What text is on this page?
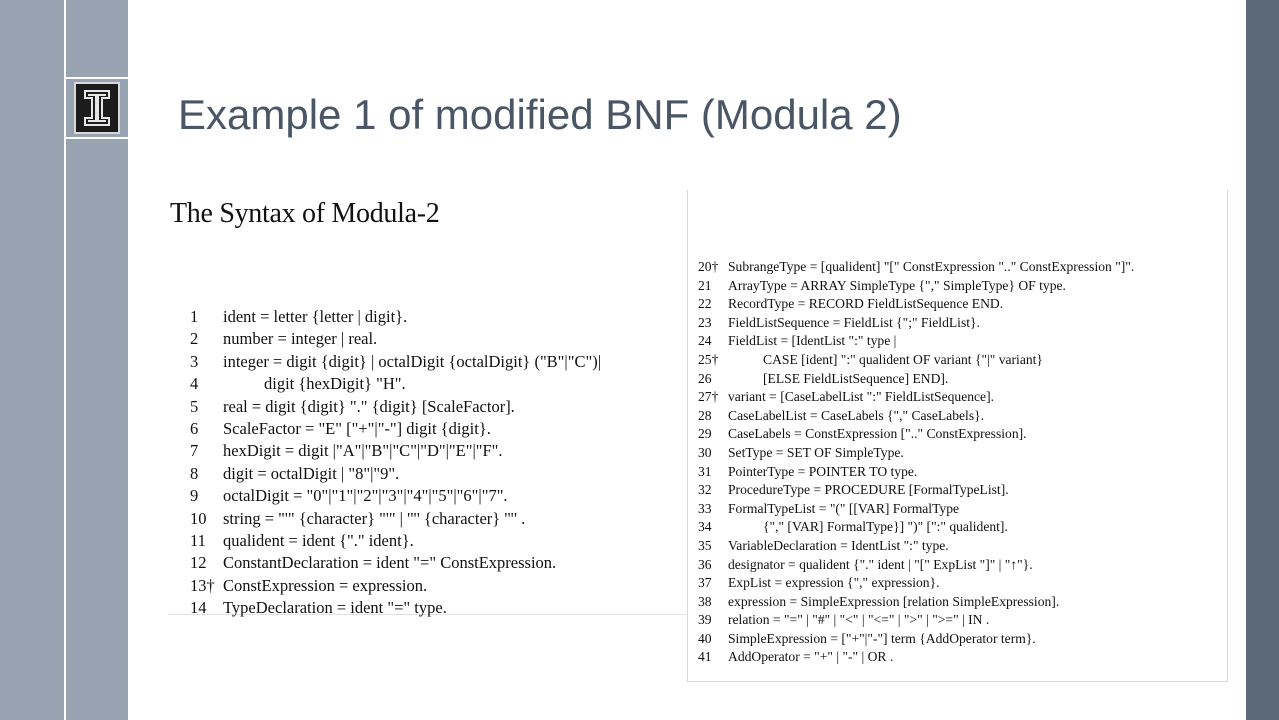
Example 1 of modified BNF (Modula 2)
The Syntax of Modula-2
1 ident = letter {letter | digit}.
2 number = integer | real.
3 integer = digit {digit} | octalDigit {octalDigit} ("B"|"C")|
4	digit {hexDigit} "H".
5 real = digit {digit} "." {digit} [ScaleFactor].
6 ScaleFactor = "E" ["+"|"-"] digit {digit}.
7 hexDigit = digit |"A"|"B"|"C"|"D"|"E"|"F".
8 digit = octalDigit | "8"|"9".
9 octalDigit = "0"|"1"|"2"|"3"|"4"|"5"|"6"|"7".
10 string = "'" {character} "'" | '"' {character} '"' .
11 qualident = ident {"." ident}.
12 ConstantDeclaration = ident "=" ConstExpression.
13† ConstExpression = expression.
14 TypeDeclaration = ident "=" type.
20† SubrangeType = [qualident] "[" ConstExpression ".." ConstExpression "]".
21 ArrayType = ARRAY SimpleType {"," SimpleType} OF type.
22 RecordType = RECORD FieldListSequence END.
23 FieldListSequence = FieldList {";" FieldList}.
24 FieldList = [IdentList ":" type |
25†	CASE [ident] ":" qualident OF variant {"|" variant}
26	[ELSE FieldListSequence] END].
27† variant = [CaseLabelList ":" FieldListSequence].
28 CaseLabelList = CaseLabels {"," CaseLabels}.
29 CaseLabels = ConstExpression [".." ConstExpression].
30 SetType = SET OF SimpleType.
31 PointerType = POINTER TO type.
32 ProcedureType = PROCEDURE [FormalTypeList].
33 FormalTypeList = "(" [[VAR] FormalType
34	{"," [VAR] FormalType}] ")" [":" qualident].
35 VariableDeclaration = IdentList ":" type.
36 designator = qualident {"." ident | "[" ExpList "]" | "↑"}.
37 ExpList = expression {"," expression}.
38 expression = SimpleExpression [relation SimpleExpression].
39 relation = "=" | "#" | "<" | "<=" | ">" | ">=" | IN .
40 SimpleExpression = ["+"|"-"] term {AddOperator term}.
41 AddOperator = "+" | "-" | OR .
